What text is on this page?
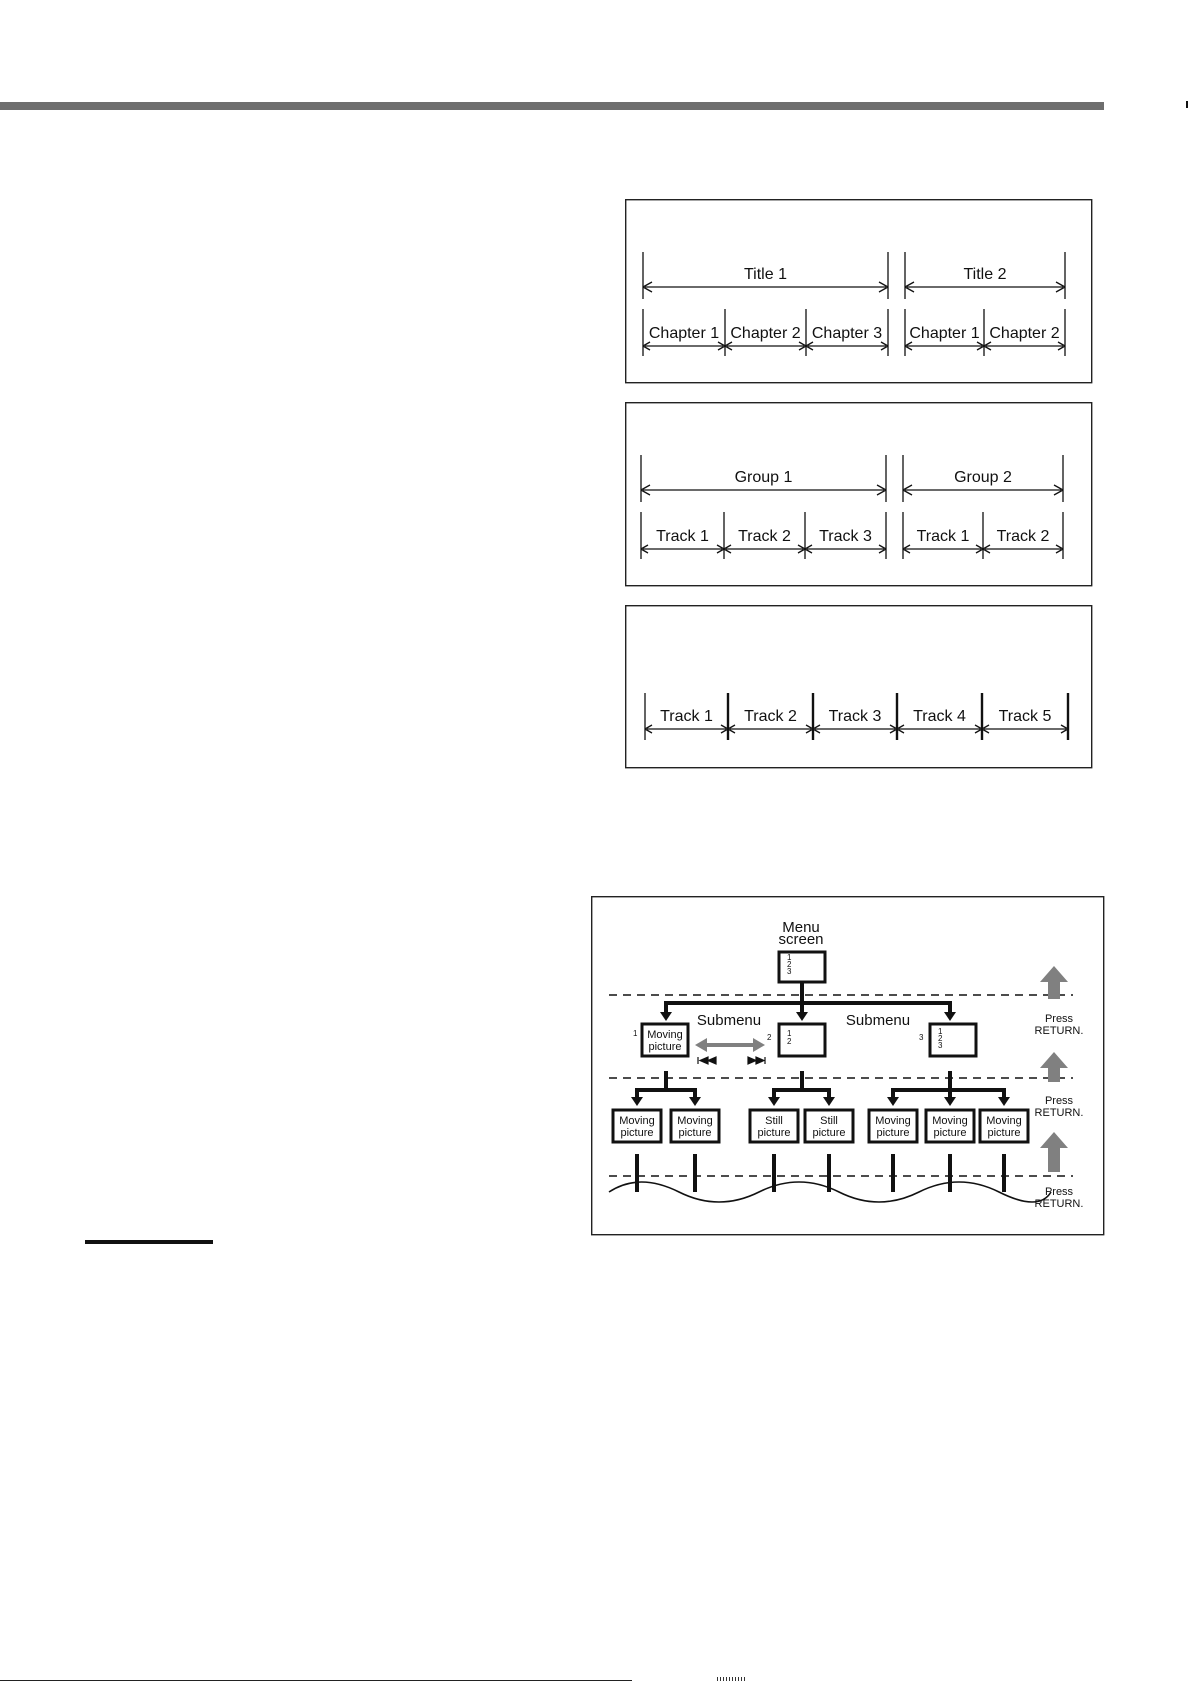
Title 1
Chapter 1 Chapter 2 Chapter 3
Title 2
Chapter 1 Chapter 2
Group 1
Track 1 Track 2 Track 3
Group 2
Track 1 Track 2
Track 1 Track 2 Track 3 Track 4 Track 5
Menu screen
1
2
3
Submenu	Submenu
1 Moving picture
2 1
2	3
1
2
3
Moving picture
Moving picture
Still picture
Still picture
Moving picture
Moving picture
Moving picture
Press RETURN.
Press RETURN.
Press RETURN.
